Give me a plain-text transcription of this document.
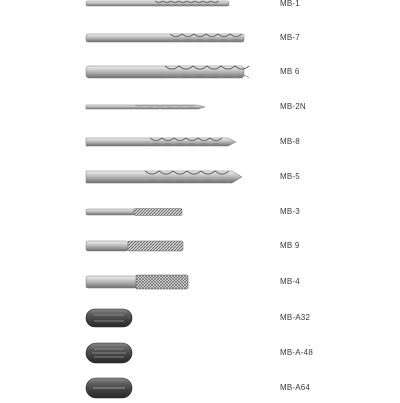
MB-1
MB-7
MB 6
MB-2N
MB-8
MB-5
MB-3
MB 9
MB-4
MB-A32
MB-A-48
MB-A64
